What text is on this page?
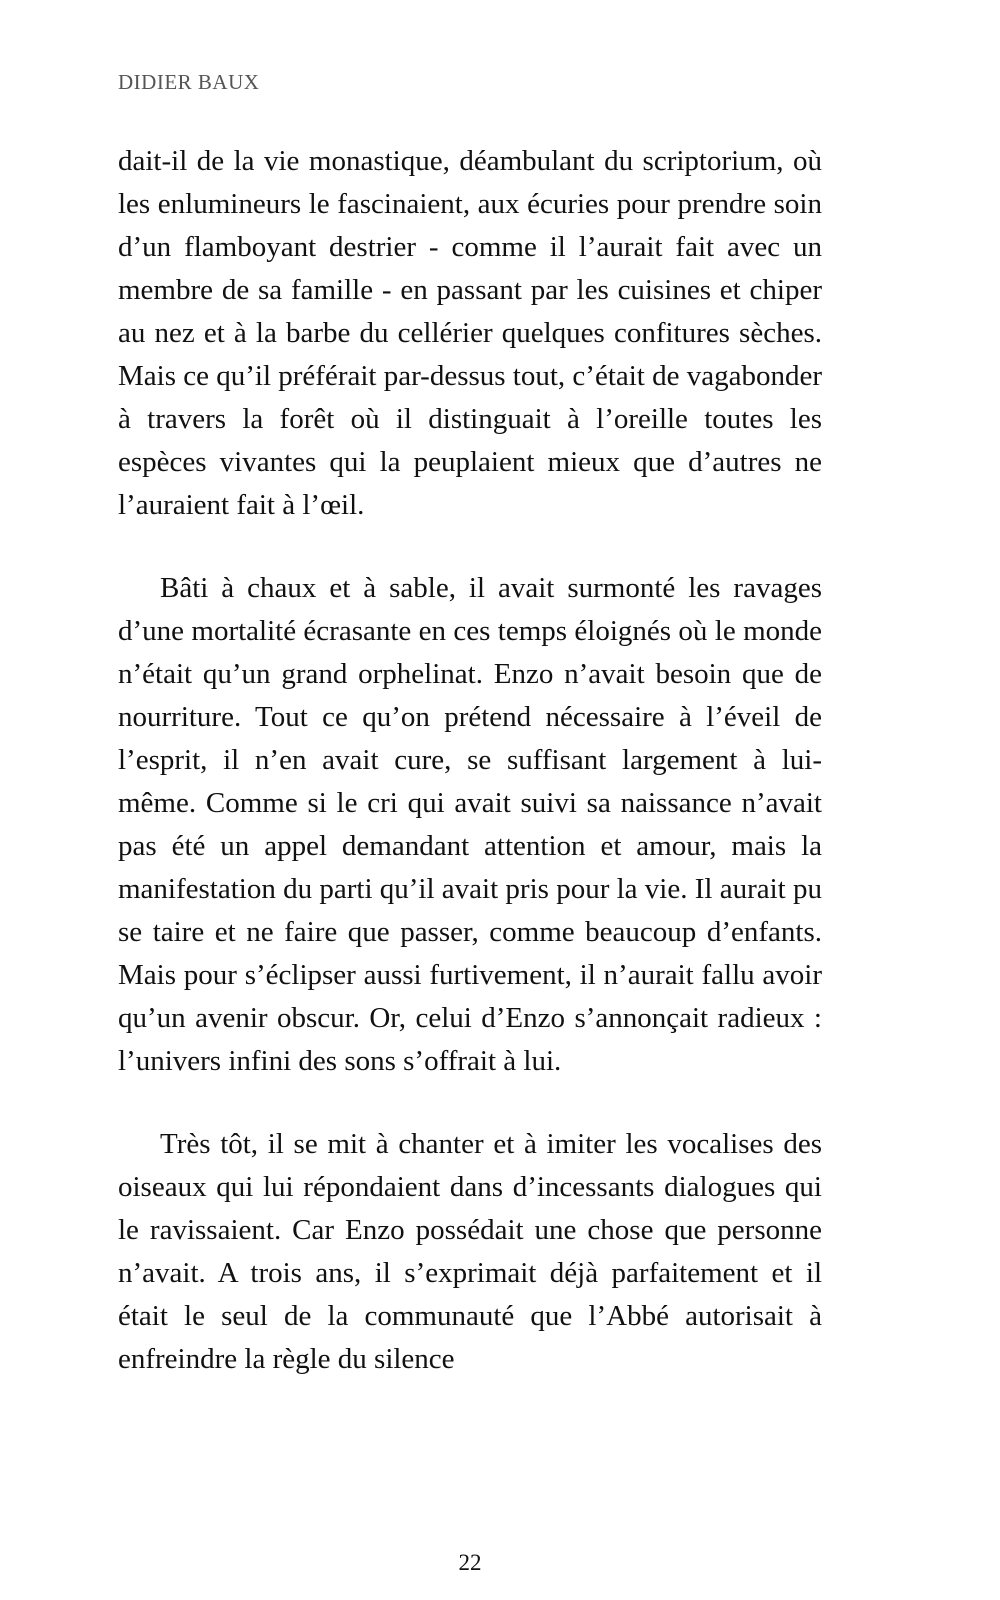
DIDIER BAUX

dait-il de la vie monastique, déambulant du scriptorium, où les enlumineurs le fascinaient, aux écuries pour prendre soin d’un flamboyant destrier - comme il l’aurait fait avec un membre de sa famille - en passant par les cuisines et chiper au nez et à la barbe du cellérier quelques confitures sèches. Mais ce qu’il préférait par-dessus tout, c’était de vagabonder à travers la forêt où il distinguait à l’oreille toutes les espèces vivantes qui la peuplaient mieux que d’autres ne l’auraient fait à l’œil.

Bâti à chaux et à sable, il avait surmonté les ravages d’une mortalité écrasante en ces temps éloignés où le monde n’était qu’un grand orphelinat. Enzo n’avait besoin que de nourriture. Tout ce qu’on prétend nécessaire à l’éveil de l’esprit, il n’en avait cure, se suffisant largement à lui-même. Comme si le cri qui avait suivi sa naissance n’avait pas été un appel demandant attention et amour, mais la manifestation du parti qu’il avait pris pour la vie. Il aurait pu se taire et ne faire que passer, comme beaucoup d’enfants. Mais pour s’éclipser aussi furtivement, il n’aurait fallu avoir qu’un avenir obscur. Or, celui d’Enzo s’annonçait radieux : l’univers infini des sons s’offrait à lui.

Très tôt, il se mit à chanter et à imiter les vocalises des oiseaux qui lui répondaient dans d’incessants dialogues qui le ravissaient. Car Enzo possédait une chose que personne n’avait. A trois ans, il s’exprimait déjà parfaitement et il était le seul de la communauté que l’Abbé autorisait à enfreindre la règle du silence

22
